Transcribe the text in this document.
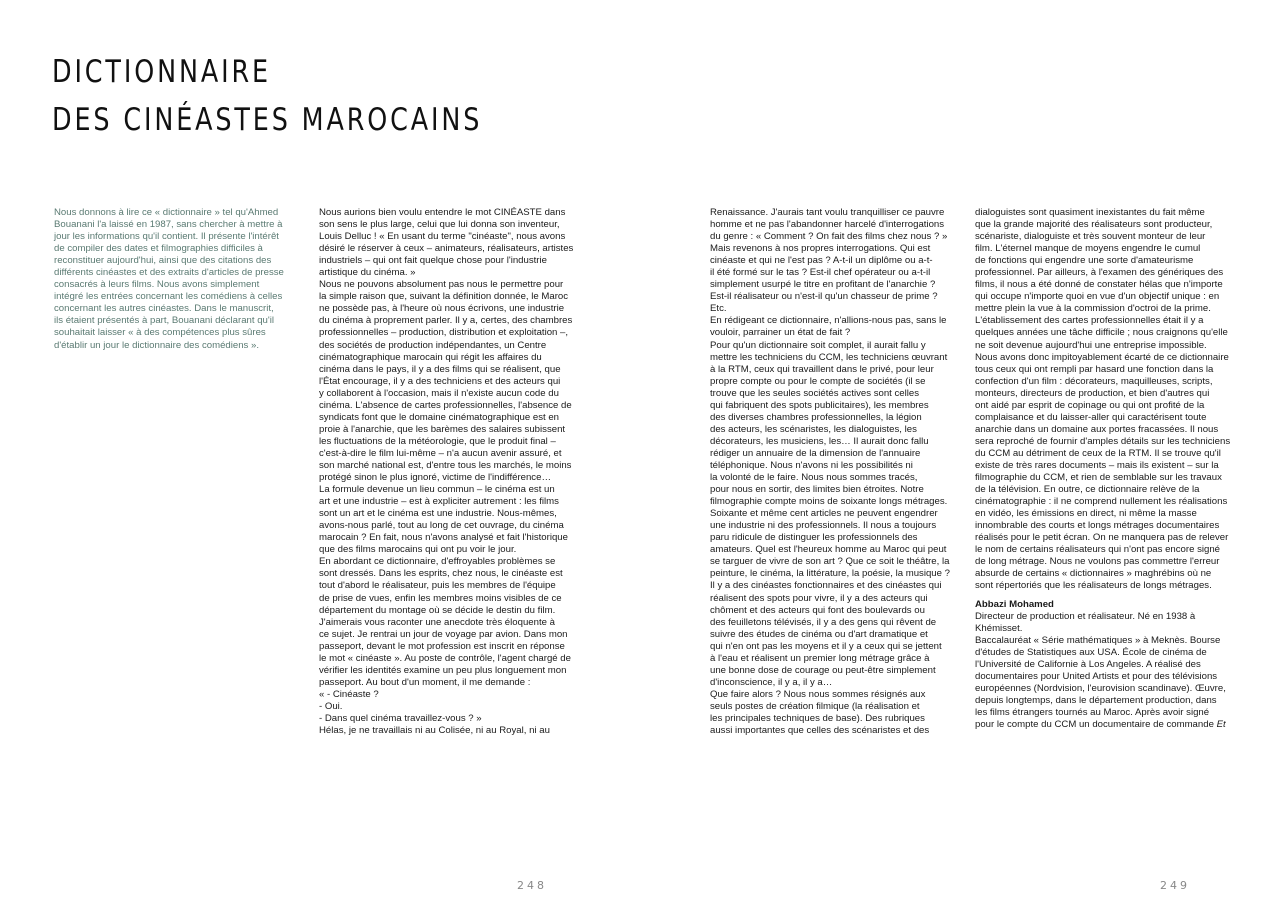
DICTIONNAIRE
DES CINÉASTES MAROCAINS
Nous donnons à lire ce « dictionnaire » tel qu'Ahmed
Bouanani l'a laissé en 1987, sans chercher à mettre à
jour les informations qu'il contient. Il présente l'intérêt
de compiler des dates et filmographies difficiles à
reconstituer aujourd'hui, ainsi que des citations des
différents cinéastes et des extraits d'articles de presse
consacrés à leurs films. Nous avons simplement
intégré les entrées concernant les comédiens à celles
concernant les autres cinéastes. Dans le manuscrit,
ils étaient présentés à part, Bouanani déclarant qu'il
souhaitait laisser « à des compétences plus sûres
d'établir un jour le dictionnaire des comédiens ».
Nous aurions bien voulu entendre le mot CINÉASTE dans
son sens le plus large, celui que lui donna son inventeur,
Louis Delluc ! « En usant du terme "cinéaste", nous avons
désiré le réserver à ceux – animateurs, réalisateurs, artistes
industriels – qui ont fait quelque chose pour l'industrie
artistique du cinéma. »
Nous ne pouvons absolument pas nous le permettre pour
la simple raison que, suivant la définition donnée, le Maroc
ne possède pas, à l'heure où nous écrivons, une industrie
du cinéma à proprement parler. Il y a, certes, des chambres
professionnelles – production, distribution et exploitation –,
des sociétés de production indépendantes, un Centre
cinématographique marocain qui régit les affaires du
cinéma dans le pays, il y a des films qui se réalisent, que
l'État encourage, il y a des techniciens et des acteurs qui
y collaborent à l'occasion, mais il n'existe aucun code du
cinéma. L'absence de cartes professionnelles, l'absence de
syndicats font que le domaine cinématographique est en
proie à l'anarchie, que les barèmes des salaires subissent
les fluctuations de la météorologie, que le produit final –
c'est-à-dire le film lui-même – n'a aucun avenir assuré, et
son marché national est, d'entre tous les marchés, le moins
protégé sinon le plus ignoré, victime de l'indifférence…
La formule devenue un lieu commun – le cinéma est un
art et une industrie – est à expliciter autrement : les films
sont un art et le cinéma est une industrie. Nous-mêmes,
avons-nous parlé, tout au long de cet ouvrage, du cinéma
marocain ? En fait, nous n'avons analysé et fait l'historique
que des films marocains qui ont pu voir le jour.
En abordant ce dictionnaire, d'effroyables problèmes se
sont dressés. Dans les esprits, chez nous, le cinéaste est
tout d'abord le réalisateur, puis les membres de l'équipe
de prise de vues, enfin les membres moins visibles de ce
département du montage où se décide le destin du film.
J'aimerais vous raconter une anecdote très éloquente à
ce sujet. Je rentrai un jour de voyage par avion. Dans mon
passeport, devant le mot profession est inscrit en réponse
le mot « cinéaste ». Au poste de contrôle, l'agent chargé de
vérifier les identités examine un peu plus longuement mon
passeport. Au bout d'un moment, il me demande :
« - Cinéaste ?
- Oui.
- Dans quel cinéma travaillez-vous ? »
Hélas, je ne travaillais ni au Colisée, ni au Royal, ni au
Renaissance. J'aurais tant voulu tranquilliser ce pauvre
homme et ne pas l'abandonner harcelé d'interrogations
du genre : « Comment ? On fait des films chez nous ? »
Mais revenons à nos propres interrogations. Qui est
cinéaste et qui ne l'est pas ? A-t-il un diplôme ou a-t-
il été formé sur le tas ? Est-il chef opérateur ou a-t-il
simplement usurpé le titre en profitant de l'anarchie ?
Est-il réalisateur ou n'est-il qu'un chasseur de prime ?
Etc.
En rédigeant ce dictionnaire, n'allions-nous pas, sans le
vouloir, parrainer un état de fait ?
Pour qu'un dictionnaire soit complet, il aurait fallu y
mettre les techniciens du CCM, les techniciens œuvrant
à la RTM, ceux qui travaillent dans le privé, pour leur
propre compte ou pour le compte de sociétés (il se
trouve que les seules sociétés actives sont celles
qui fabriquent des spots publicitaires), les membres
des diverses chambres professionnelles, la légion
des acteurs, les scénaristes, les dialoguistes, les
décorateurs, les musiciens, les… Il aurait donc fallu
rédiger un annuaire de la dimension de l'annuaire
téléphonique. Nous n'avons ni les possibilités ni
la volonté de le faire. Nous nous sommes tracés,
pour nous en sortir, des limites bien étroites. Notre
filmographie compte moins de soixante longs métrages.
Soixante et même cent articles ne peuvent engendrer
une industrie ni des professionnels. Il nous a toujours
paru ridicule de distinguer les professionnels des
amateurs. Quel est l'heureux homme au Maroc qui peut
se targuer de vivre de son art ? Que ce soit le théâtre, la
peinture, le cinéma, la littérature, la poésie, la musique ?
Il y a des cinéastes fonctionnaires et des cinéastes qui
réalisent des spots pour vivre, il y a des acteurs qui
chôment et des acteurs qui font des boulevards ou
des feuilletons télévisés, il y a des gens qui rêvent de
suivre des études de cinéma ou d'art dramatique et
qui n'en ont pas les moyens et il y a ceux qui se jettent
à l'eau et réalisent un premier long métrage grâce à
une bonne dose de courage ou peut-être simplement
d'inconscience, il y a, il y a…
Que faire alors ? Nous nous sommes résignés aux
seuls postes de création filmique (la réalisation et
les principales techniques de base). Des rubriques
aussi importantes que celles des scénaristes et des
dialoguistes sont quasiment inexistantes du fait même
que la grande majorité des réalisateurs sont producteur,
scénariste, dialoguiste et très souvent monteur de leur
film. L'éternel manque de moyens engendre le cumul
de fonctions qui engendre une sorte d'amateurisme
professionnel. Par ailleurs, à l'examen des génériques des
films, il nous a été donné de constater hélas que n'importe
qui occupe n'importe quoi en vue d'un objectif unique : en
mettre plein la vue à la commission d'octroi de la prime.
L'établissement des cartes professionnelles était il y a
quelques années une tâche difficile ; nous craignons qu'elle
ne soit devenue aujourd'hui une entreprise impossible.
Nous avons donc impitoyablement écarté de ce dictionnaire
tous ceux qui ont rempli par hasard une fonction dans la
confection d'un film : décorateurs, maquilleuses, scripts,
monteurs, directeurs de production, et bien d'autres qui
ont aidé par esprit de copinage ou qui ont profité de la
complaisance et du laisser-aller qui caractérisent toute
anarchie dans un domaine aux portes fracassées. Il nous
sera reproché de fournir d'amples détails sur les techniciens
du CCM au détriment de ceux de la RTM. Il se trouve qu'il
existe de très rares documents – mais ils existent – sur la
filmographie du CCM, et rien de semblable sur les travaux
de la télévision. En outre, ce dictionnaire relève de la
cinématographie : il ne comprend nullement les réalisations
en vidéo, les émissions en direct, ni même la masse
innombrable des courts et longs métrages documentaires
réalisés pour le petit écran. On ne manquera pas de relever
le nom de certains réalisateurs qui n'ont pas encore signé
de long métrage. Nous ne voulons pas commettre l'erreur
absurde de certains « dictionnaires » maghrébins où ne
sont répertoriés que les réalisateurs de longs métrages.
Abbazi Mohamed
Directeur de production et réalisateur. Né en 1938 à
Khémisset.
Baccalauréat « Série mathématiques » à Meknès. Bourse
d'études de Statistiques aux USA. École de cinéma de
l'Université de Californie à Los Angeles. A réalisé des
documentaires pour United Artists et pour des télévisions
européennes (Nordvision, l'eurovision scandinave). Œuvre,
depuis longtemps, dans le département production, dans
les films étrangers tournés au Maroc. Après avoir signé
pour le compte du CCM un documentaire de commande Et
248	249
